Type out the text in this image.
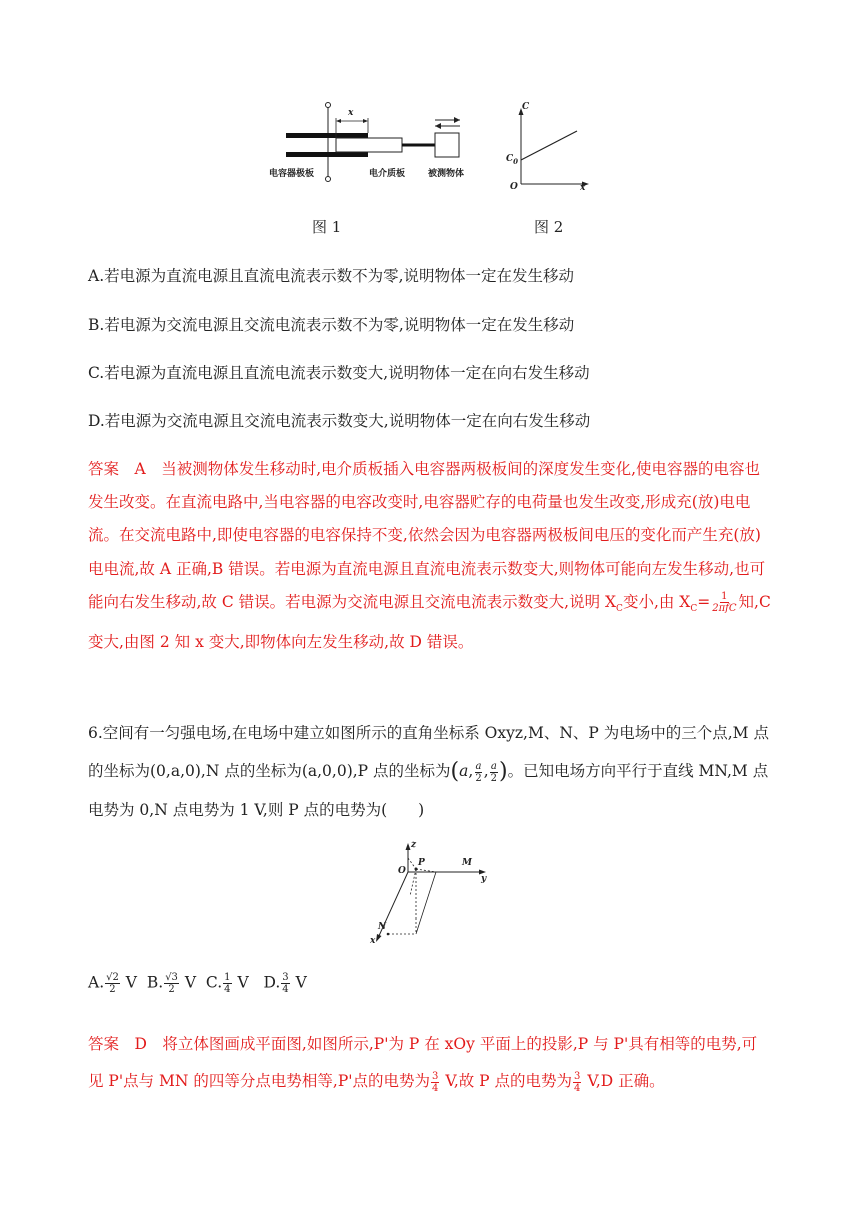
x
电容器极板	电介质板	被测物体
图 1
C
$C_0$
O	x
图 2
A.若电源为直流电源且直流电流表示数不为零,说明物体一定在发生移动
B.若电源为交流电源且交流电流表示数不为零,说明物体一定在发生移动
C.若电源为直流电源且直流电流表示数变大,说明物体一定在向右发生移动
D.若电源为交流电源且交流电流表示数变大,说明物体一定在向右发生移动
答案　A　当被测物体发生移动时,电介质板插入电容器两极板间的深度发生变化,使电容器的电容也发生改变。在直流电路中,当电容器的电容改变时,电容器贮存的电荷量也发生改变,形成充(放)电电流。在交流电路中,即使电容器的电容保持不变,依然会因为电容器两极板间电压的变化而产生充(放)电电流,故 A 正确,B 错误。若电源为直流电源且直流电流表示数变大,则物体可能向左发生移动,也可能向右发生移动,故 C 错误。若电源为交流电源且交流电流表示数变大,说明 $X_C$变小,由 $X_C= \frac{1}{\text{2πfC}}$ 知,C 变大,由图 2 知 x 变大,即物体向左发生移动,故 D 错误。
6.空间有一匀强电场,在电场中建立如图所示的直角坐标系 Oxyz,M、N、P 为电场中的三个点,M 点的坐标为(0,a,0),N 点的坐标为(a,0,0),P 点的坐标为(a, $\frac{a}{2}$ , $\frac{a}{2}$ )。已知电场方向平行于直线 MN,M 点电势为 0,N 点电势为 1 V,则 P 点的电势为(　　)
z
P	M
O
y
N
x
A. $\frac{√2}{2}$ V B. $\frac{√3}{2}$ V C. $\frac{1}{4}$ V D. $\frac{3}{4}$ V
答案　D　将立体图画成平面图,如图所示,P'为 P 在 xOy 平面上的投影,P 与 P'具有相等的电势,可见 P'点与 MN 的四等分点电势相等,P'点的电势为 $\frac{3}{4} V$,故 P 点的电势为 $\frac{3}{4} V,D$ 正确。
